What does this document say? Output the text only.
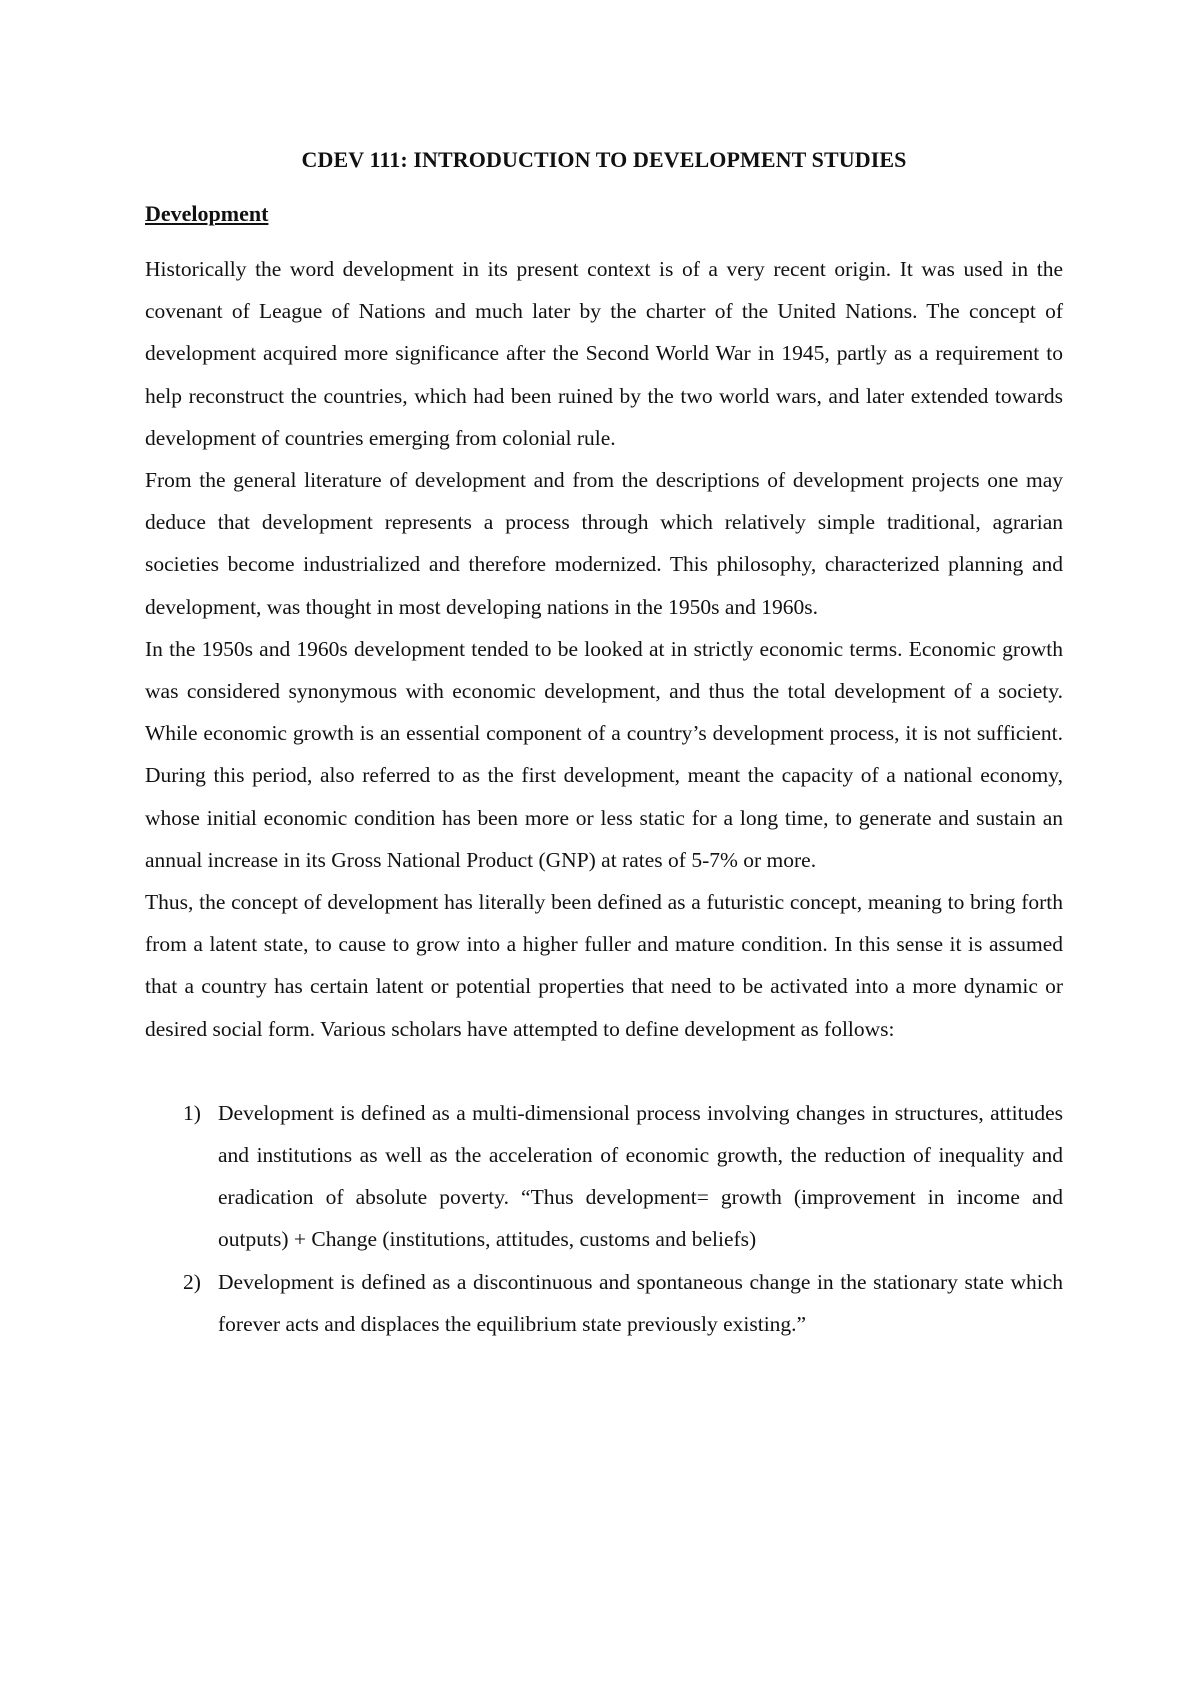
CDEV 111: INTRODUCTION TO DEVELOPMENT STUDIES
Development

Historically the word development in its present context is of a very recent origin. It was used in the covenant of League of Nations and much later by the charter of the United Nations. The concept of development acquired more significance after the Second World War in 1945, partly as a requirement to help reconstruct the countries, which had been ruined by the two world wars, and later extended towards development of countries emerging from colonial rule.

From the general literature of development and from the descriptions of development projects one may deduce that development represents a process through which relatively simple traditional, agrarian societies become industrialized and therefore modernized. This philosophy, characterized planning and development, was thought in most developing nations in the 1950s and 1960s.

In the 1950s and 1960s development tended to be looked at in strictly economic terms. Economic growth was considered synonymous with economic development, and thus the total development of a society. While economic growth is an essential component of a country’s development process, it is not sufficient. During this period, also referred to as the first development, meant the capacity of a national economy, whose initial economic condition has been more or less static for a long time, to generate and sustain an annual increase in its Gross National Product (GNP) at rates of 5-7% or more.

Thus, the concept of development has literally been defined as a futuristic concept, meaning to bring forth from a latent state, to cause to grow into a higher fuller and mature condition. In this sense it is assumed that a country has certain latent or potential properties that need to be activated into a more dynamic or desired social form. Various scholars have attempted to define development as follows:

1) Development is defined as a multi-dimensional process involving changes in structures, attitudes and institutions as well as the acceleration of economic growth, the reduction of inequality and eradication of absolute poverty. “Thus development= growth (improvement in income and outputs) + Change (institutions, attitudes, customs and beliefs)
2) Development is defined as a discontinuous and spontaneous change in the stationary state which forever acts and displaces the equilibrium state previously existing.”
